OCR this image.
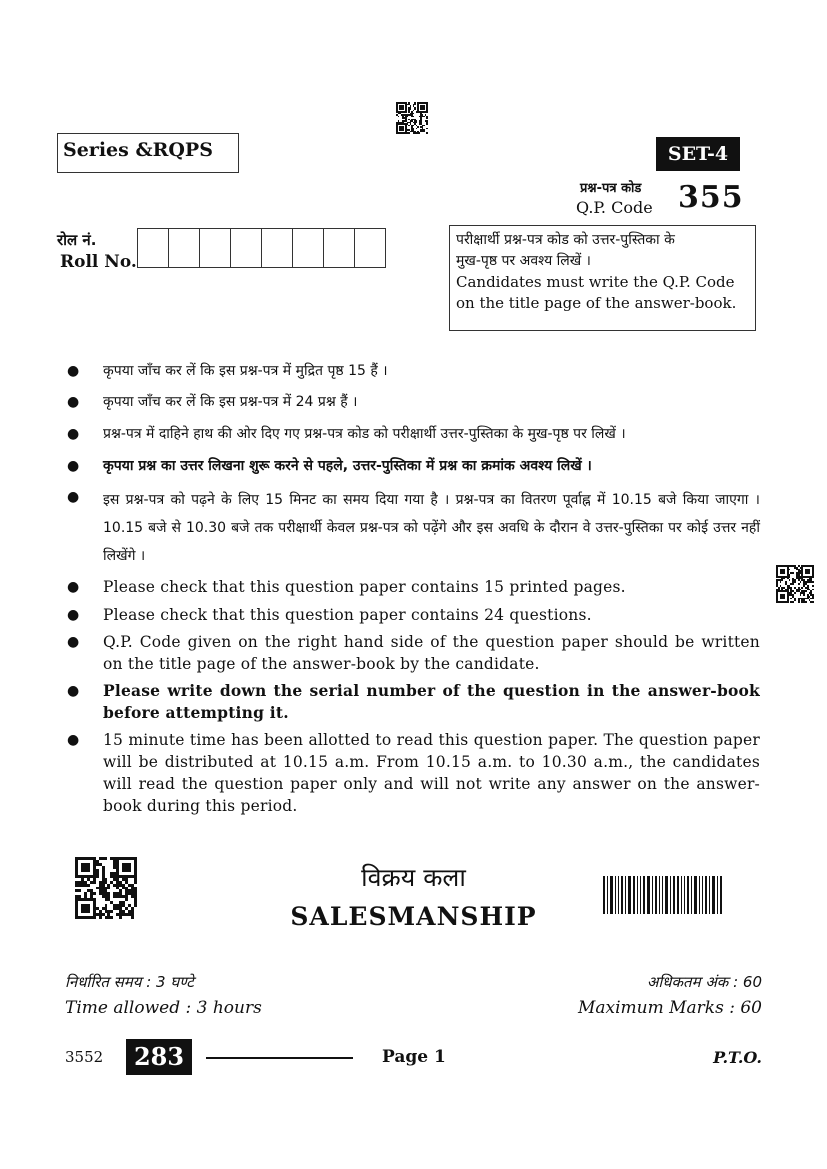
Series &RQPS	SET-4
प्रश्न-पत्र कोड
Q.P. Code 355
रोल नं.
Roll No.
परीक्षार्थी प्रश्न-पत्र कोड को उत्तर-पुस्तिका के
मुख-पृष्ठ पर अवश्य लिखें ।
Candidates must write the Q.P. Code
on the title page of the answer-book.
●	कृपया जाँच कर लें कि इस प्रश्न-पत्र में मुद्रित पृष्ठ 15 हैं ।
●	कृपया जाँच कर लें कि इस प्रश्न-पत्र में 24 प्रश्न हैं ।
●	प्रश्न-पत्र में दाहिने हाथ की ओर दिए गए प्रश्न-पत्र कोड को परीक्षार्थी उत्तर-पुस्तिका के मुख-पृष्ठ पर लिखें ।
●	कृपया प्रश्न का उत्तर लिखना शुरू करने से पहले, उत्तर-पुस्तिका में प्रश्न का क्रमांक अवश्य लिखें ।
●	इस प्रश्न-पत्र को पढ़ने के लिए 15 मिनट का समय दिया गया है । प्रश्न-पत्र का वितरण पूर्वाह्न में 10.15 बजे किया जाएगा । 10.15 बजे से 10.30 बजे तक परीक्षार्थी केवल प्रश्न-पत्र को पढ़ेंगे और इस अवधि के दौरान वे उत्तर-पुस्तिका पर कोई उत्तर नहीं लिखेंगे ।
●	Please check that this question paper contains 15 printed pages.
●	Please check that this question paper contains 24 questions.
●	Q.P. Code given on the right hand side of the question paper should be written on the title page of the answer-book by the candidate.
●	Please write down the serial number of the question in the answer-book before attempting it.
●	15 minute time has been allotted to read this question paper. The question paper will be distributed at 10.15 a.m. From 10.15 a.m. to 10.30 a.m., the candidates will read the question paper only and will not write any answer on the answer-book during this period.
विक्रय कला
SALESMANSHIP
निर्धारित समय : 3 घण्टे
Time allowed : 3 hours
अधिकतम अंक : 60
Maximum Marks : 60
3552	283	Page 1	P.T.O.
